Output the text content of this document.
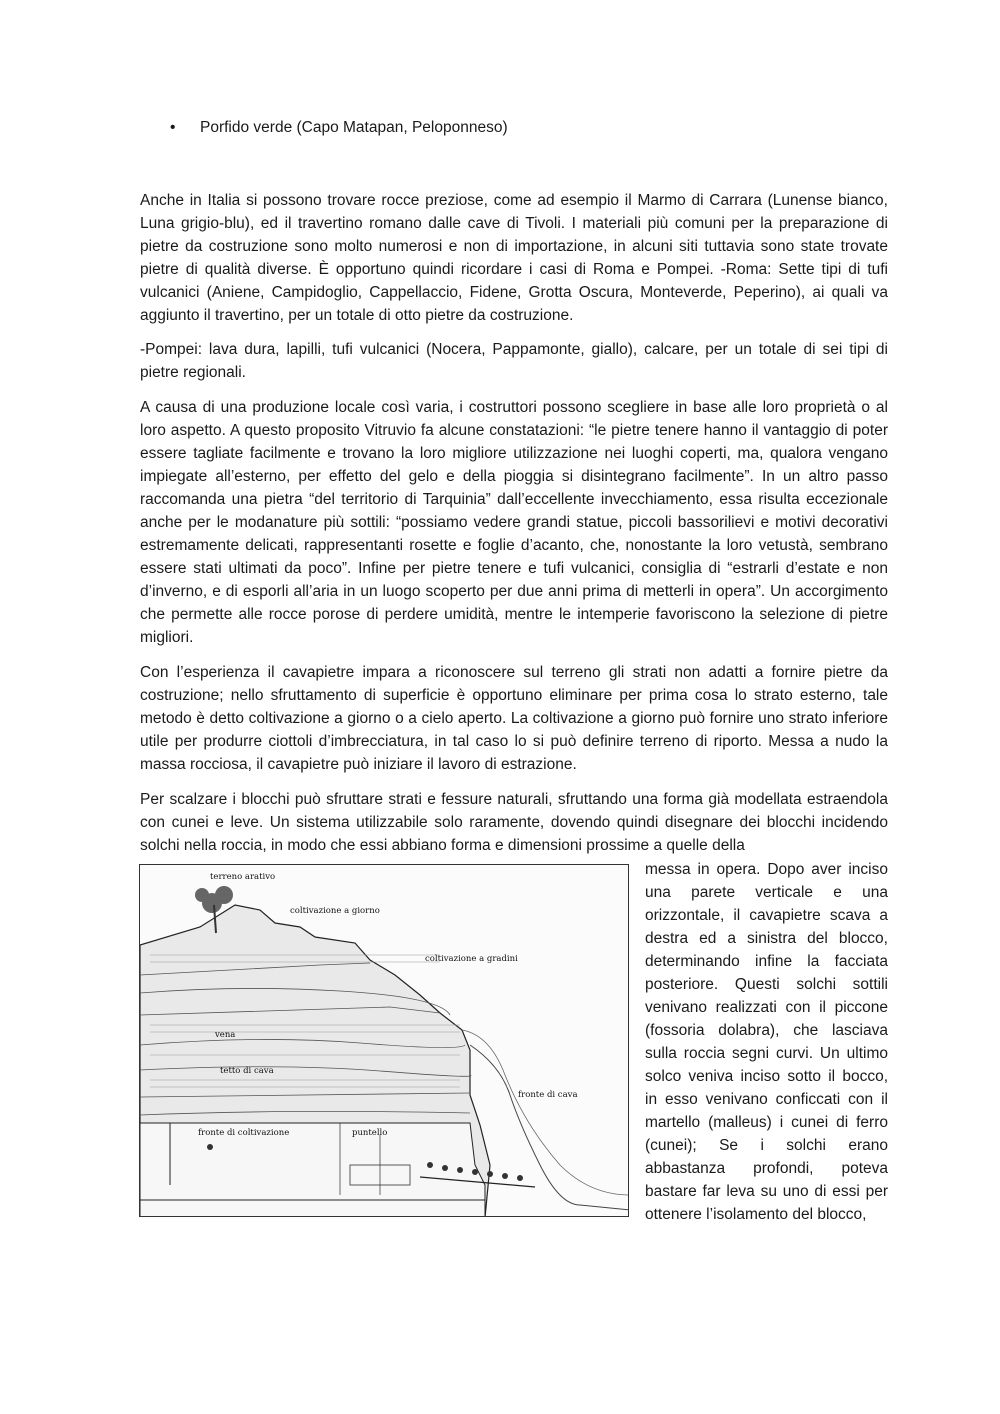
•	Porfido verde (Capo Matapan, Peloponneso)

Anche in Italia si possono trovare rocce preziose, come ad esempio il Marmo di Carrara (Lunense bianco, Luna grigio-blu), ed il travertino romano dalle cave di Tivoli. I materiali più comuni per la preparazione di pietre da costruzione sono molto numerosi e non di importazione, in alcuni siti tuttavia sono state trovate pietre di qualità diverse. È opportuno quindi ricordare i casi di Roma e Pompei. -Roma: Sette tipi di tufi vulcanici (Aniene, Campidoglio, Cappellaccio, Fidene, Grotta Oscura, Monteverde, Peperino), ai quali va aggiunto il travertino, per un totale di otto pietre da costruzione.

-Pompei: lava dura, lapilli, tufi vulcanici (Nocera, Pappamonte, giallo), calcare, per un totale di sei tipi di pietre regionali.

A causa di una produzione locale così varia, i costruttori possono scegliere in base alle loro proprietà o al loro aspetto. A questo proposito Vitruvio fa alcune constatazioni: “le pietre tenere hanno il vantaggio di poter essere tagliate facilmente e trovano la loro migliore utilizzazione nei luoghi coperti, ma, qualora vengano impiegate all’esterno, per effetto del gelo e della pioggia si disintegrano facilmente”. In un altro passo raccomanda una pietra “del territorio di Tarquinia” dall’eccellente invecchiamento, essa risulta eccezionale anche per le modanature più sottili: “possiamo vedere grandi statue, piccoli bassorilievi e motivi decorativi estremamente delicati, rappresentanti rosette e foglie d’acanto, che, nonostante la loro vetustà, sembrano essere stati ultimati da poco”. Infine per pietre tenere e tufi vulcanici, consiglia di “estrarli d’estate e non d’inverno, e di esporli all’aria in un luogo scoperto per due anni prima di metterli in opera”. Un accorgimento che permette alle rocce porose di perdere umidità, mentre le intemperie favoriscono la selezione di pietre migliori.

Con l’esperienza il cavapietre impara a riconoscere sul terreno gli strati non adatti a fornire pietre da costruzione; nello sfruttamento di superficie è opportuno eliminare per prima cosa lo strato esterno, tale metodo è detto coltivazione a giorno o a cielo aperto. La coltivazione a giorno può fornire uno strato inferiore utile per produrre ciottoli d’imbrecciatura, in tal caso lo si può definire terreno di riporto. Messa a nudo la massa rocciosa, il cavapietre può iniziare il lavoro di estrazione.

Per scalzare i blocchi può sfruttare strati e fessure naturali, sfruttando una forma già modellata estraendola con cunei e leve. Un sistema utilizzabile solo raramente, dovendo quindi disegnare dei blocchi incidendo solchi nella roccia, in modo che essi abbiano forma e dimensioni prossime a quelle della

terreno arativo
coltivazione a giorno
coltivazione a gradini
vena
tetto di cava
fronte di cava
fronte di coltivazione	puntello

messa in opera. Dopo aver inciso una parete verticale e una orizzontale, il cavapietre scava a destra ed a sinistra del blocco, determinando infine la facciata posteriore. Questi solchi sottili venivano realizzati con il piccone (fossoria dolabra), che lasciava sulla roccia segni curvi. Un ultimo solco veniva inciso sotto il bocco, in esso venivano conficcati con il martello (malleus) i cunei di ferro (cunei); Se i solchi erano abbastanza profondi, poteva bastare far leva su uno di essi per ottenere l’isolamento del blocco,
